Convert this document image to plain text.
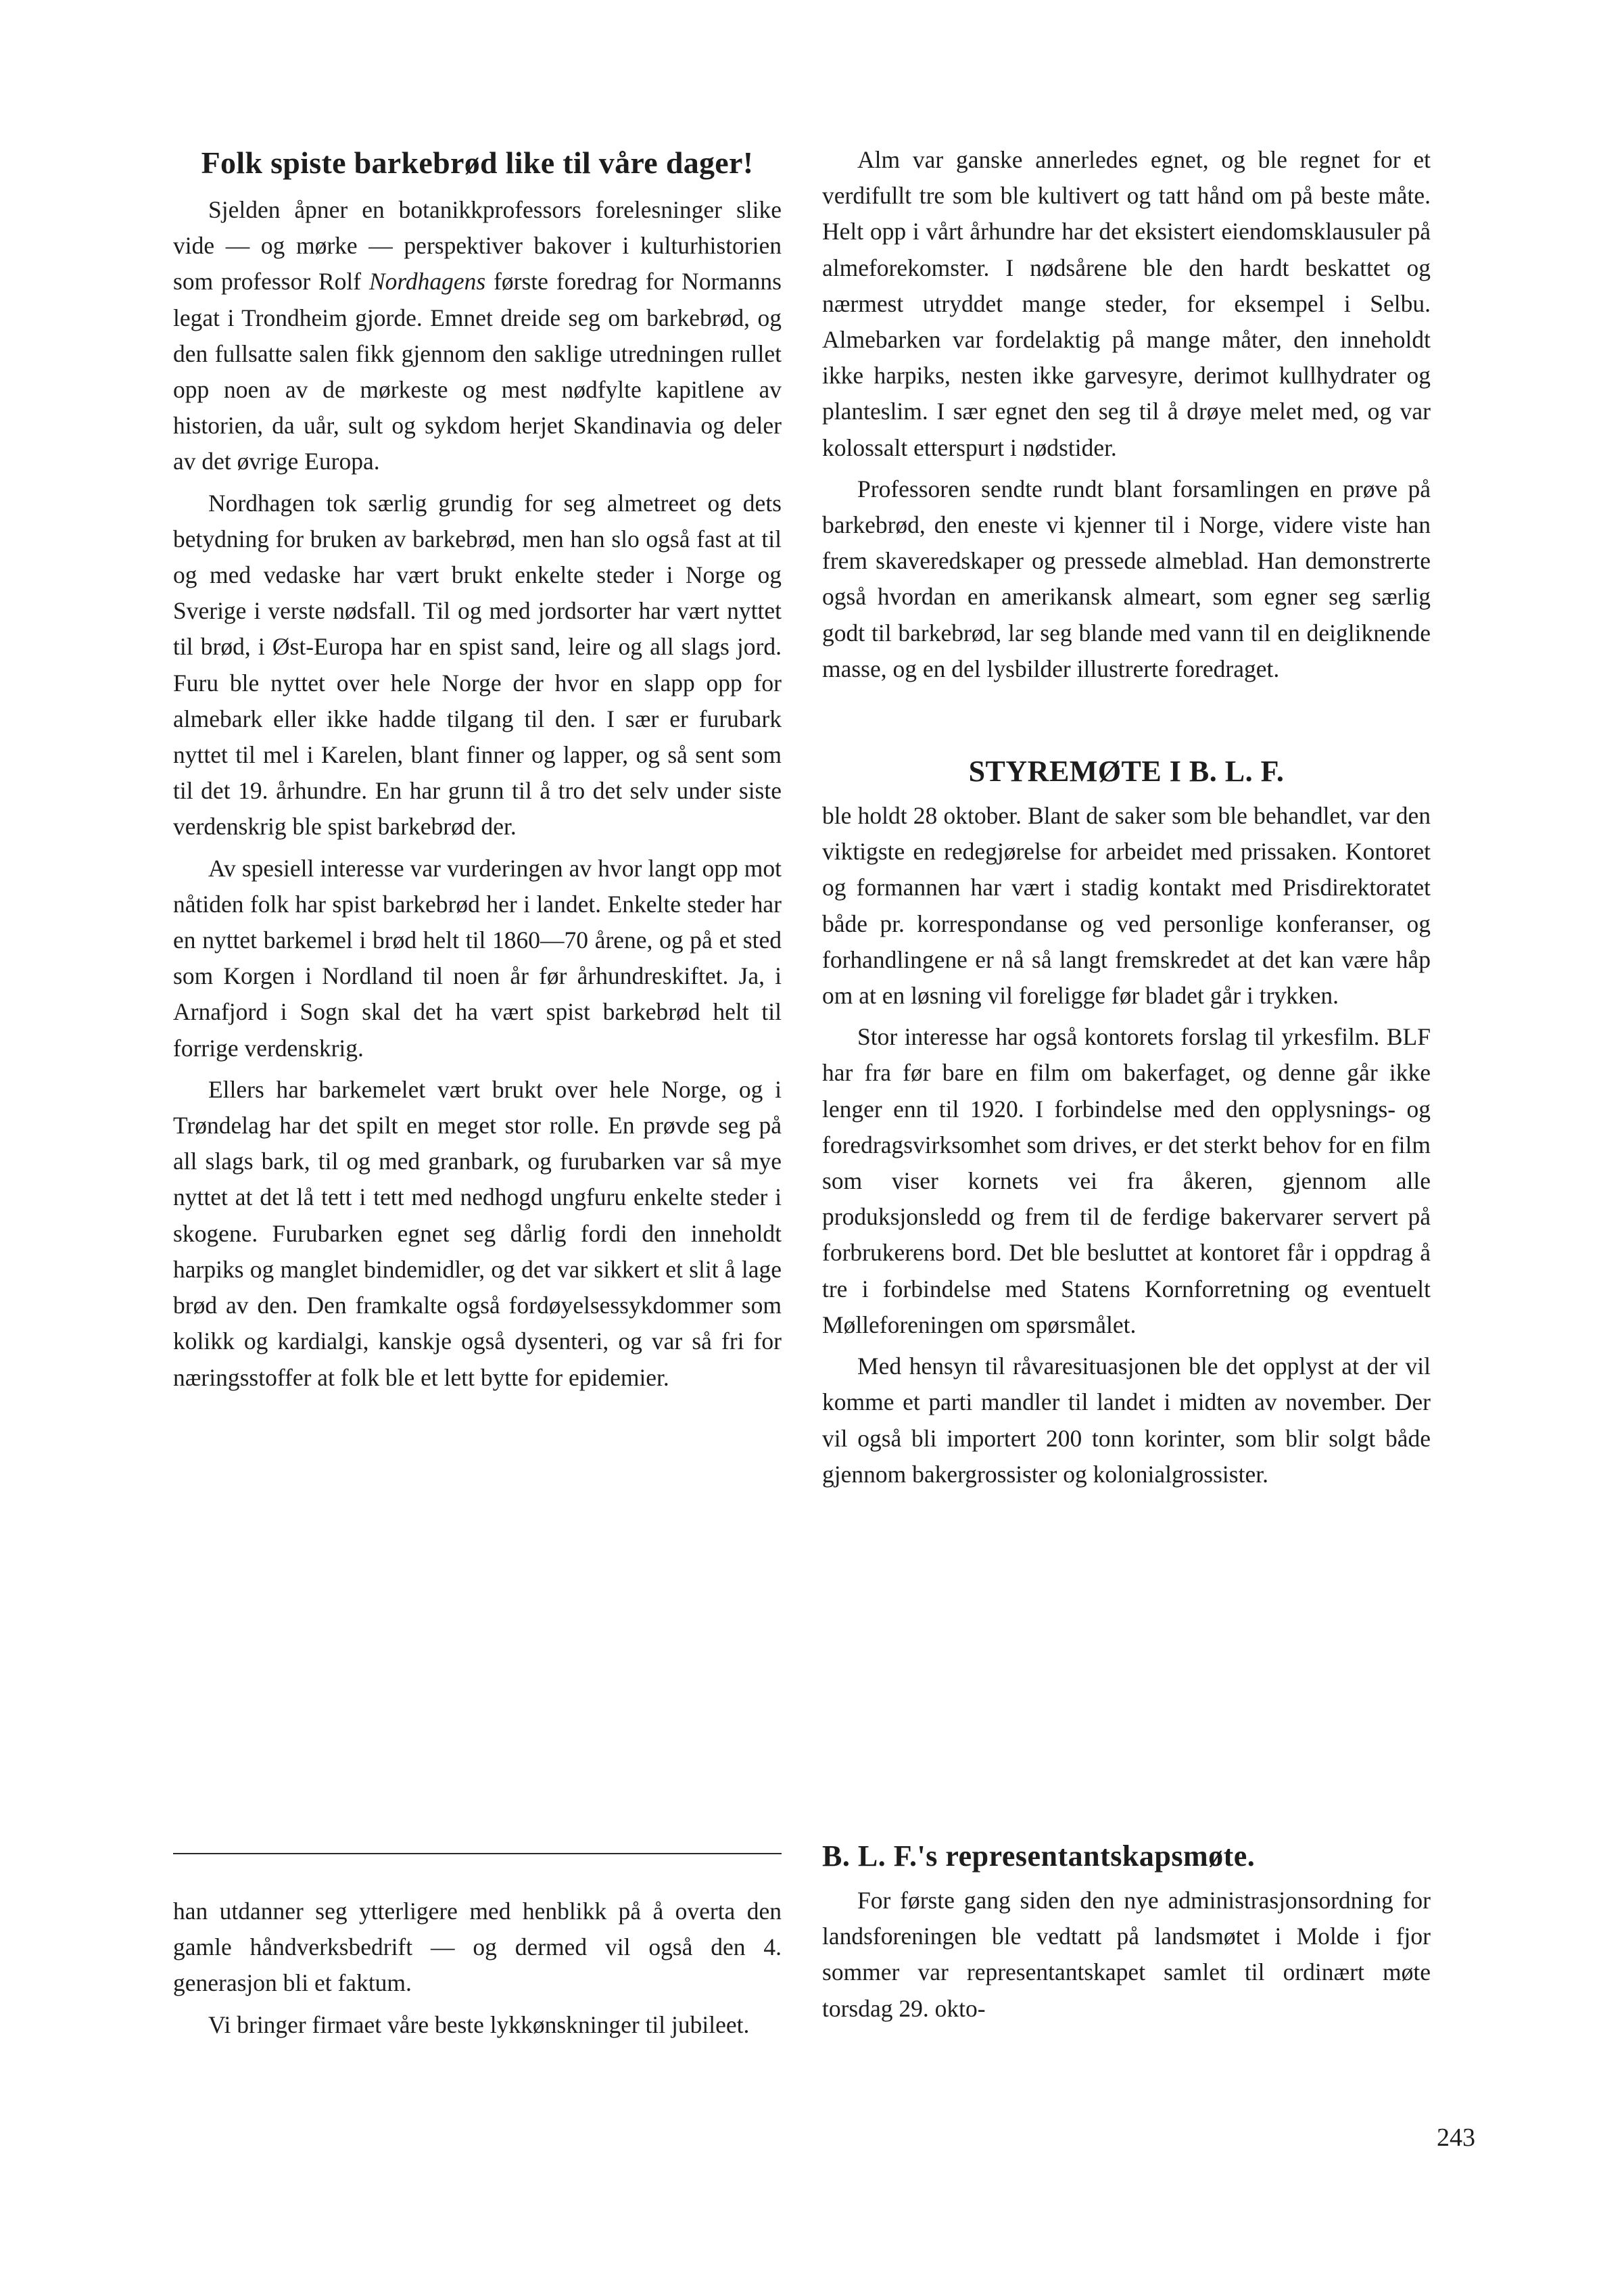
Folk spiste barkebrød like til våre dager!

Sjelden åpner en botanikkprofessors forelesninger slike vide — og mørke — perspektiver bakover i kulturhistorien som professor Rolf Nordhagens første foredrag for Normanns legat i Trondheim gjorde. Emnet dreide seg om barkebrød, og den fullsatte salen fikk gjennom den saklige utredningen rullet opp noen av de mørkeste og mest nødfylte kapitlene av historien, da uår, sult og sykdom herjet Skandinavia og deler av det øvrige Europa.

Nordhagen tok særlig grundig for seg almetreet og dets betydning for bruken av barkebrød, men han slo også fast at til og med vedaske har vært brukt enkelte steder i Norge og Sverige i verste nødsfall. Til og med jordsorter har vært nyttet til brød, i Øst-Europa har en spist sand, leire og all slags jord. Furu ble nyttet over hele Norge der hvor en slapp opp for almebark eller ikke hadde tilgang til den. I sær er furubark nyttet til mel i Karelen, blant finner og lapper, og så sent som til det 19. århundre. En har grunn til å tro det selv under siste verdenskrig ble spist barkebrød der.

Av spesiell interesse var vurderingen av hvor langt opp mot nåtiden folk har spist barkebrød her i landet. Enkelte steder har en nyttet barkemel i brød helt til 1860—70 årene, og på et sted som Korgen i Nordland til noen år før århundreskiftet. Ja, i Arnafjord i Sogn skal det ha vært spist barkebrød helt til forrige verdenskrig.

Ellers har barkemelet vært brukt over hele Norge, og i Trøndelag har det spilt en meget stor rolle. En prøvde seg på all slags bark, til og med granbark, og furubarken var så mye nyttet at det lå tett i tett med nedhogd ungfuru enkelte steder i skogene. Furubarken egnet seg dårlig fordi den inneholdt harpiks og manglet bindemidler, og det var sikkert et slit å lage brød av den. Den framkalte også fordøyelsessykdommer som kolikk og kardialgi, kanskje også dysenteri, og var så fri for næringsstoffer at folk ble et lett bytte for epidemier.

Alm var ganske annerledes egnet, og ble regnet for et verdifullt tre som ble kultivert og tatt hånd om på beste måte. Helt opp i vårt århundre har det eksistert eiendomsklausuler på almeforekomster. I nødsårene ble den hardt beskattet og nærmest utryddet mange steder, for eksempel i Selbu. Almebarken var fordelaktig på mange måter, den inneholdt ikke harpiks, nesten ikke garvesyre, derimot kullhydrater og planteslim. I sær egnet den seg til å drøye melet med, og var kolossalt etterspurt i nødstider.

Professoren sendte rundt blant forsamlingen en prøve på barkebrød, den eneste vi kjenner til i Norge, videre viste han frem skaveredskaper og pressede almeblad. Han demonstrerte også hvordan en amerikansk almeart, som egner seg særlig godt til barkebrød, lar seg blande med vann til en deigliknende masse, og en del lysbilder illustrerte foredraget.

STYREMØTE I B. L. F.

ble holdt 28 oktober. Blant de saker som ble behandlet, var den viktigste en redegjørelse for arbeidet med prissaken. Kontoret og formannen har vært i stadig kontakt med Prisdirektoratet både pr. korrespondanse og ved personlige konferanser, og forhandlingene er nå så langt fremskredet at det kan være håp om at en løsning vil foreligge før bladet går i trykken.

Stor interesse har også kontorets forslag til yrkesfilm. BLF har fra før bare en film om bakerfaget, og denne går ikke lenger enn til 1920. I forbindelse med den opplysnings- og foredragsvirksomhet som drives, er det sterkt behov for en film som viser kornets vei fra åkeren, gjennom alle produksjonsledd og frem til de ferdige bakervarer servert på forbrukerens bord. Det ble besluttet at kontoret får i oppdrag å tre i forbindelse med Statens Kornforretning og eventuelt Mølleforeningen om spørsmålet.

Med hensyn til råvaresituasjonen ble det opplyst at der vil komme et parti mandler til landet i midten av november. Der vil også bli importert 200 tonn korinter, som blir solgt både gjennom bakergrossister og kolonialgrossister.

han utdanner seg ytterligere med henblikk på å overta den gamle håndverksbedrift — og dermed vil også den 4. generasjon bli et faktum.

Vi bringer firmaet våre beste lykkønskninger til jubileet.

B. L. F.'s representantskapsmøte.

For første gang siden den nye administrasjonsordning for landsforeningen ble vedtatt på landsmøtet i Molde i fjor sommer var representantskapet samlet til ordinært møte torsdag 29. okto-

243
